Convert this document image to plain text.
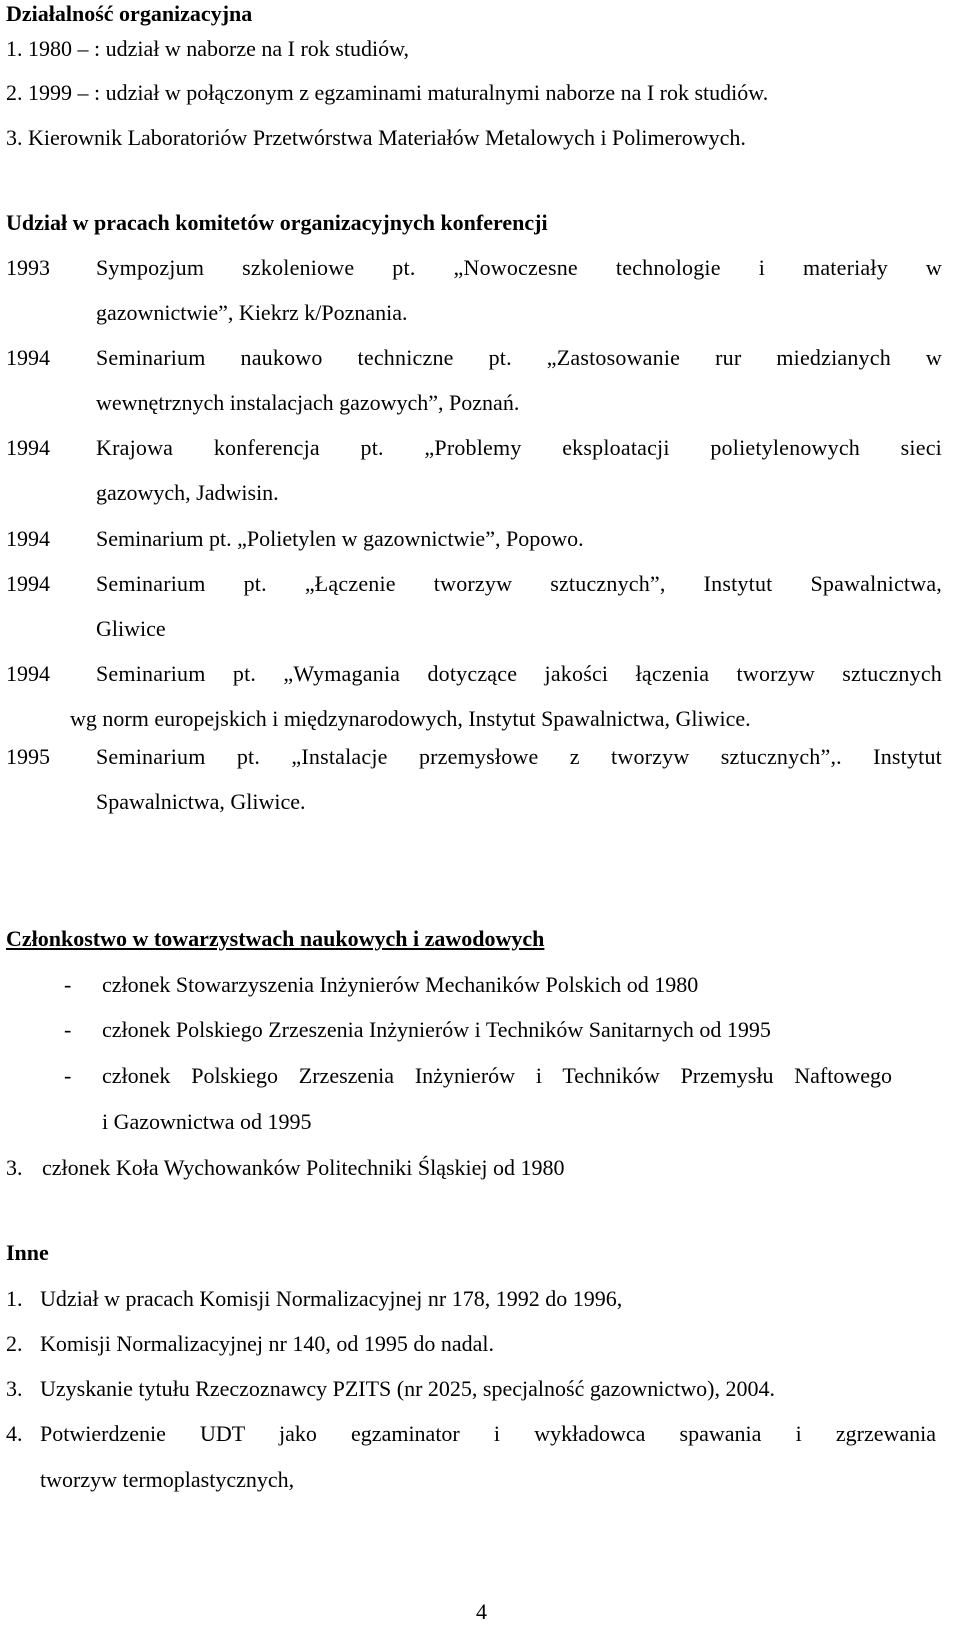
Działalność organizacyjna
1. 1980 – : udział w naborze na I rok studiów,
2. 1999 – : udział w połączonym z egzaminami maturalnymi naborze na I rok studiów.
3. Kierownik Laboratoriów Przetwórstwa Materiałów Metalowych i Polimerowych.
Udział w pracach komitetów organizacyjnych konferencji
1993	Sympozjum szkoleniowe pt. „Nowoczesne technologie i materiały w
gazownictwie”, Kiekrz k/Poznania.
1994	Seminarium naukowo techniczne pt. „Zastosowanie rur miedzianych w
wewnętrznych instalacjach gazowych”, Poznań.
1994	Krajowa konferencja pt. „Problemy eksploatacji polietylenowych sieci
gazowych, Jadwisin.
1994	Seminarium pt. „Polietylen w gazownictwie”, Popowo.
1994	Seminarium pt. „Łączenie tworzyw sztucznych”, Instytut Spawalnictwa,
Gliwice
1994	Seminarium pt. „Wymagania dotyczące jakości łączenia tworzyw sztucznych
wg norm europejskich i międzynarodowych, Instytut Spawalnictwa, Gliwice.
1995	Seminarium pt. „Instalacje przemysłowe z tworzyw sztucznych”,. Instytut
Spawalnictwa, Gliwice.
Członkostwo w towarzystwach naukowych i zawodowych
- członek Stowarzyszenia Inżynierów Mechaników Polskich od 1980
- członek Polskiego Zrzeszenia Inżynierów i Techników Sanitarnych od 1995
- członek Polskiego Zrzeszenia Inżynierów i Techników Przemysłu Naftowego
i Gazownictwa od 1995
3. członek Koła Wychowanków Politechniki Śląskiej od 1980
Inne
1. Udział w pracach Komisji Normalizacyjnej nr 178, 1992 do 1996,
2. Komisji Normalizacyjnej nr 140, od 1995 do nadal.
3. Uzyskanie tytułu Rzeczoznawcy PZITS (nr 2025, specjalność gazownictwo), 2004.
4. Potwierdzenie UDT jako egzaminator i wykładowca spawania i zgrzewania
tworzyw termoplastycznych,
4
